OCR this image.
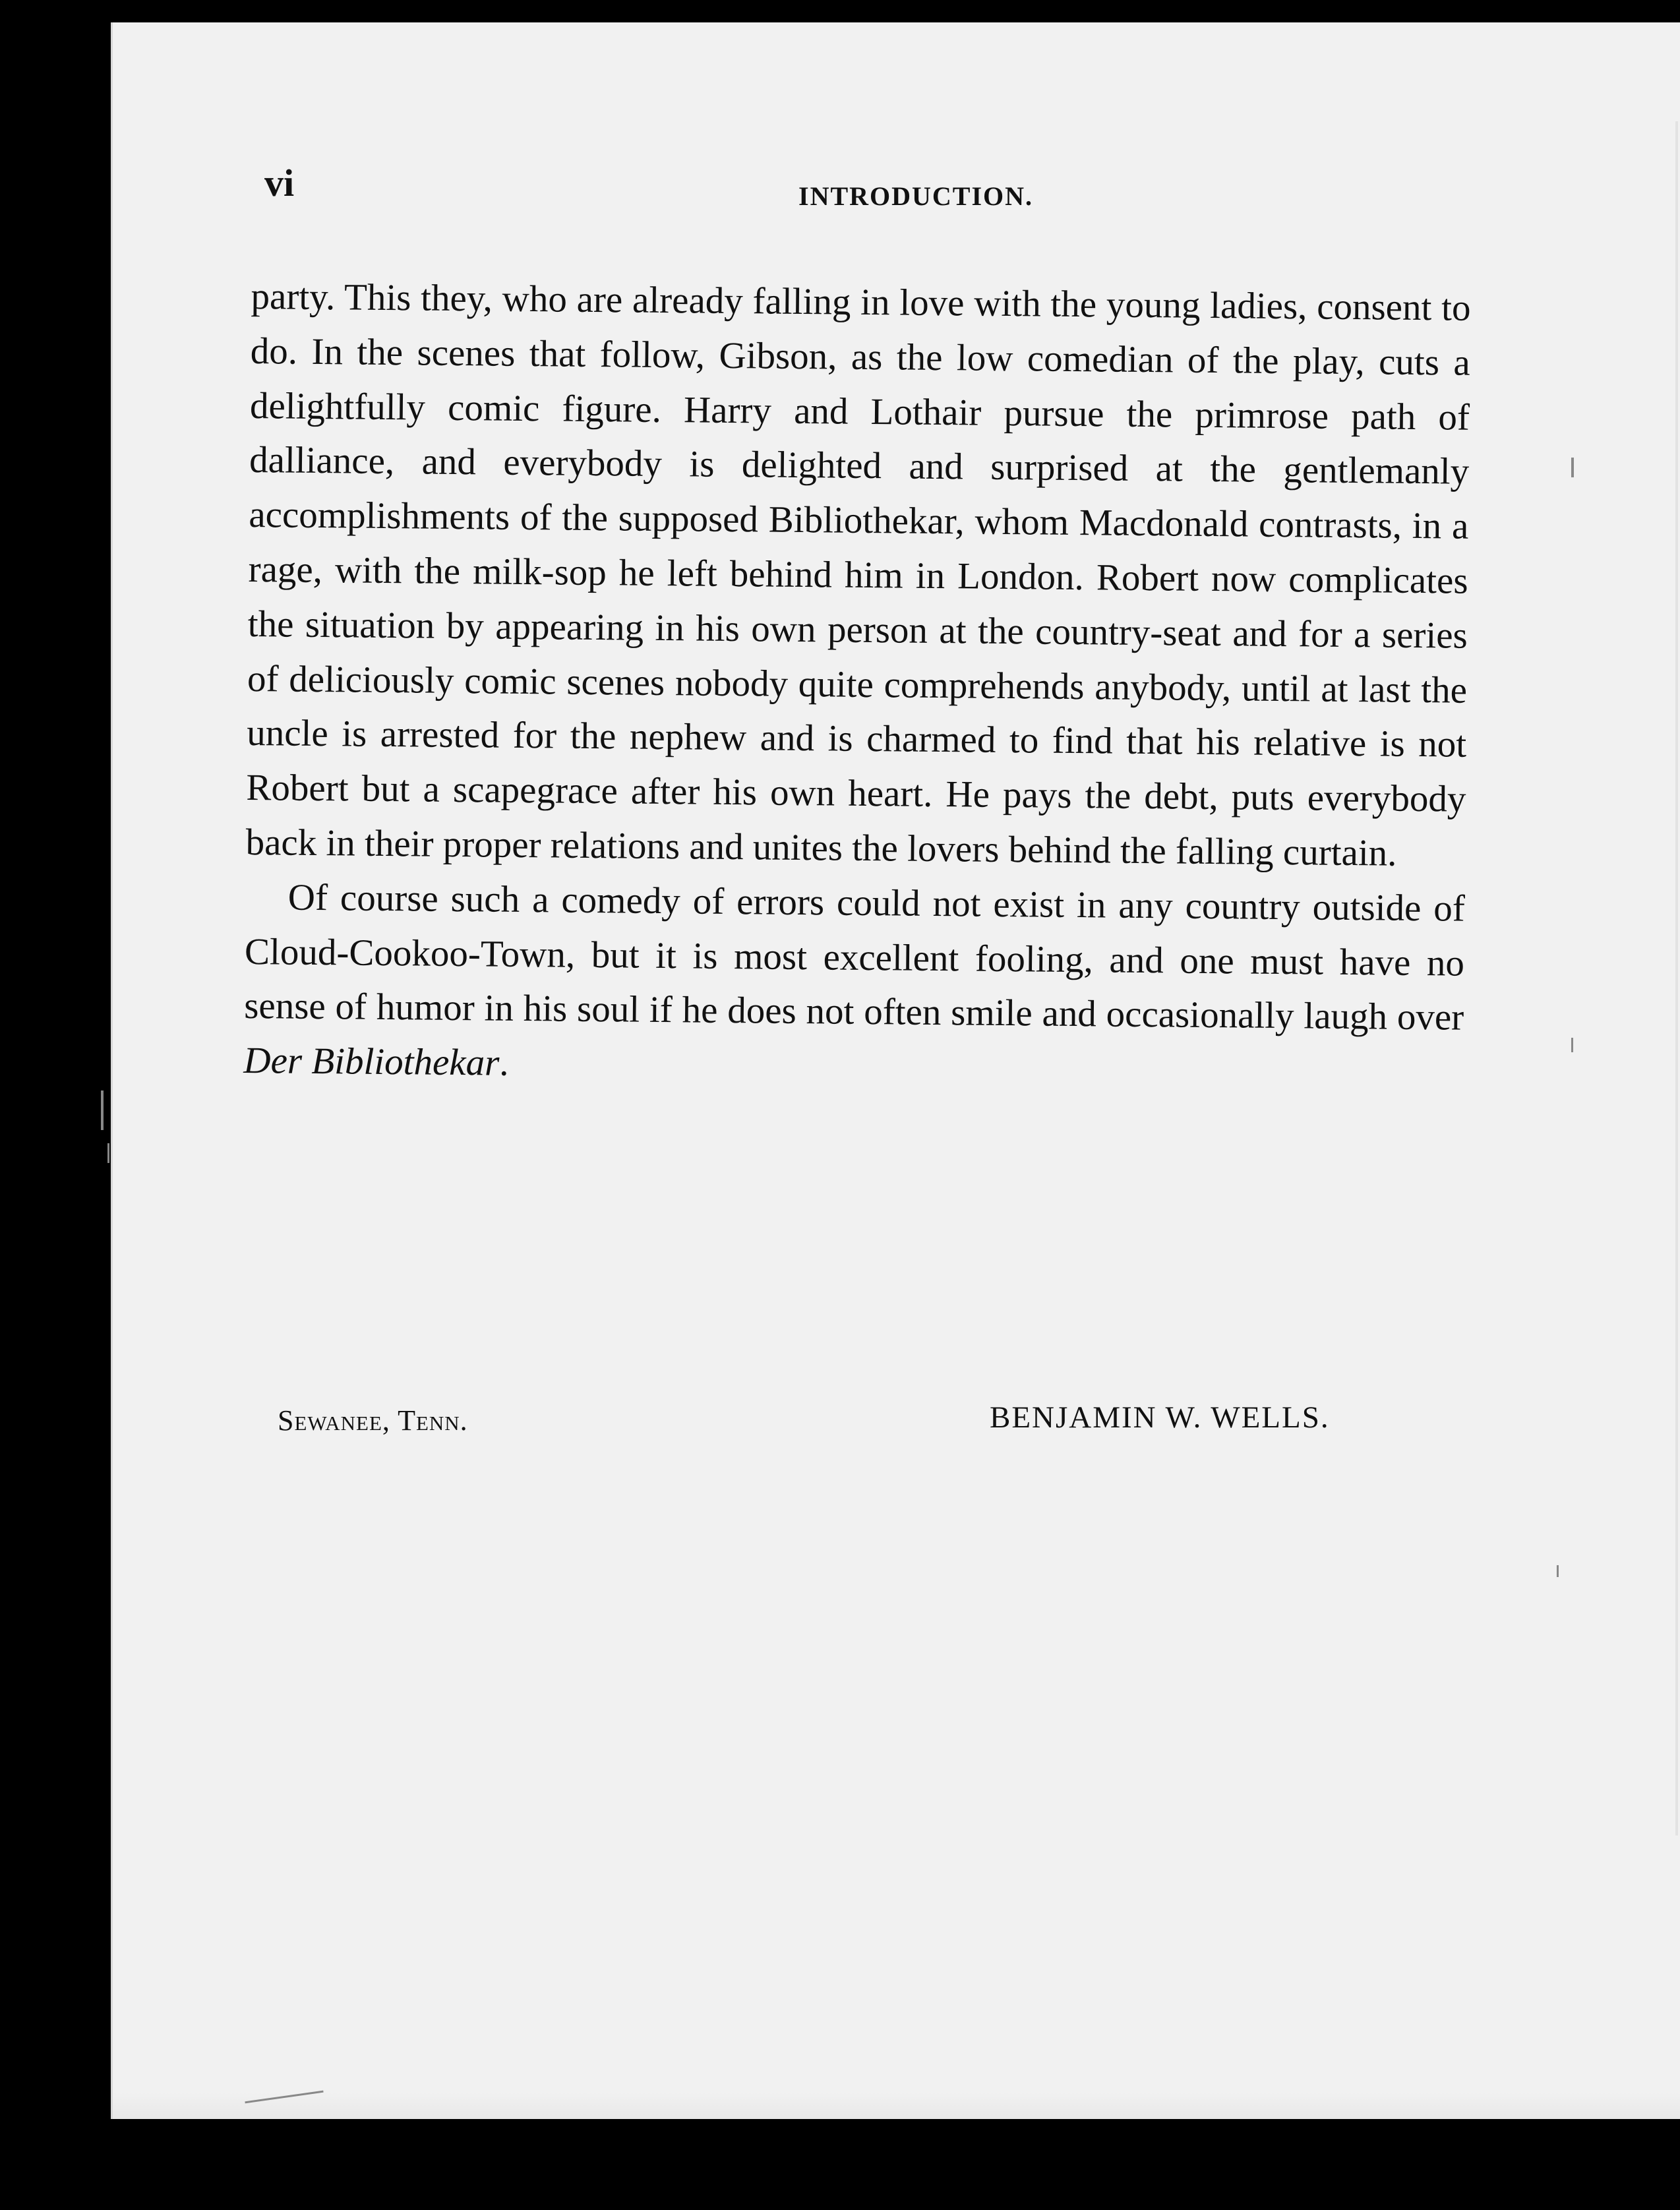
vi	INTRODUCTION.

party. This they, who are already falling in love with the young ladies, consent to do. In the scenes that follow, Gibson, as the low comedian of the play, cuts a delightfully comic figure. Harry and Lothair pursue the primrose path of dalliance, and everybody is delighted and surprised at the gentlemanly accomplishments of the supposed Bibliothekar, whom Macdonald contrasts, in a rage, with the milk-sop he left behind him in London. Robert now complicates the situation by appearing in his own person at the country-seat and for a series of deliciously comic scenes nobody quite comprehends anybody, until at last the uncle is arrested for the nephew and is charmed to find that his relative is not Robert but a scapegrace after his own heart. He pays the debt, puts everybody back in their proper relations and unites the lovers behind the falling curtain.

Of course such a comedy of errors could not exist in any country outside of Cloud-Cookoo-Town, but it is most excellent fooling, and one must have no sense of humor in his soul if he does not often smile and occasionally laugh over Der Bibliothekar.

Sewanee, Tenn.	BENJAMIN W. WELLS.
